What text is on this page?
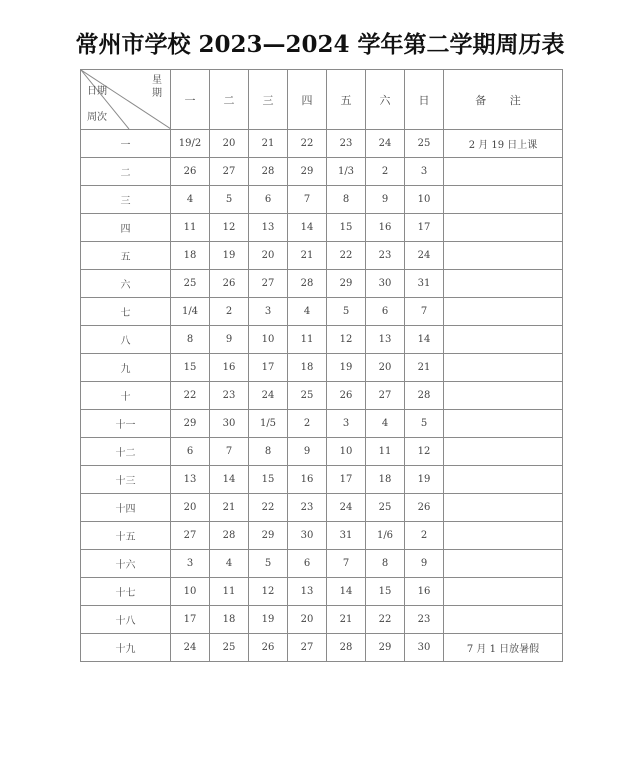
常州市学校 2023—2024 学年第二学期周历表
日期
星期
周次	一	二	三	四	五	六	日	备 注
一	19/2	20	21	22	23	24	25	2 月 19 日上课
二	26	27	28	29	1/3	2	3	
三	4	5	6	7	8	9	10	
四	11	12	13	14	15	16	17	
五	18	19	20	21	22	23	24	
六	25	26	27	28	29	30	31	
七	1/4	2	3	4	5	6	7	
八	8	9	10	11	12	13	14	
九	15	16	17	18	19	20	21	
十	22	23	24	25	26	27	28	
十一	29	30	1/5	2	3	4	5	
十二	6	7	8	9	10	11	12	
十三	13	14	15	16	17	18	19	
十四	20	21	22	23	24	25	26	
十五	27	28	29	30	31	1/6	2	
十六	3	4	5	6	7	8	9	
十七	10	11	12	13	14	15	16	
十八	17	18	19	20	21	22	23	
十九	24	25	26	27	28	29	30	7 月 1 日放暑假
